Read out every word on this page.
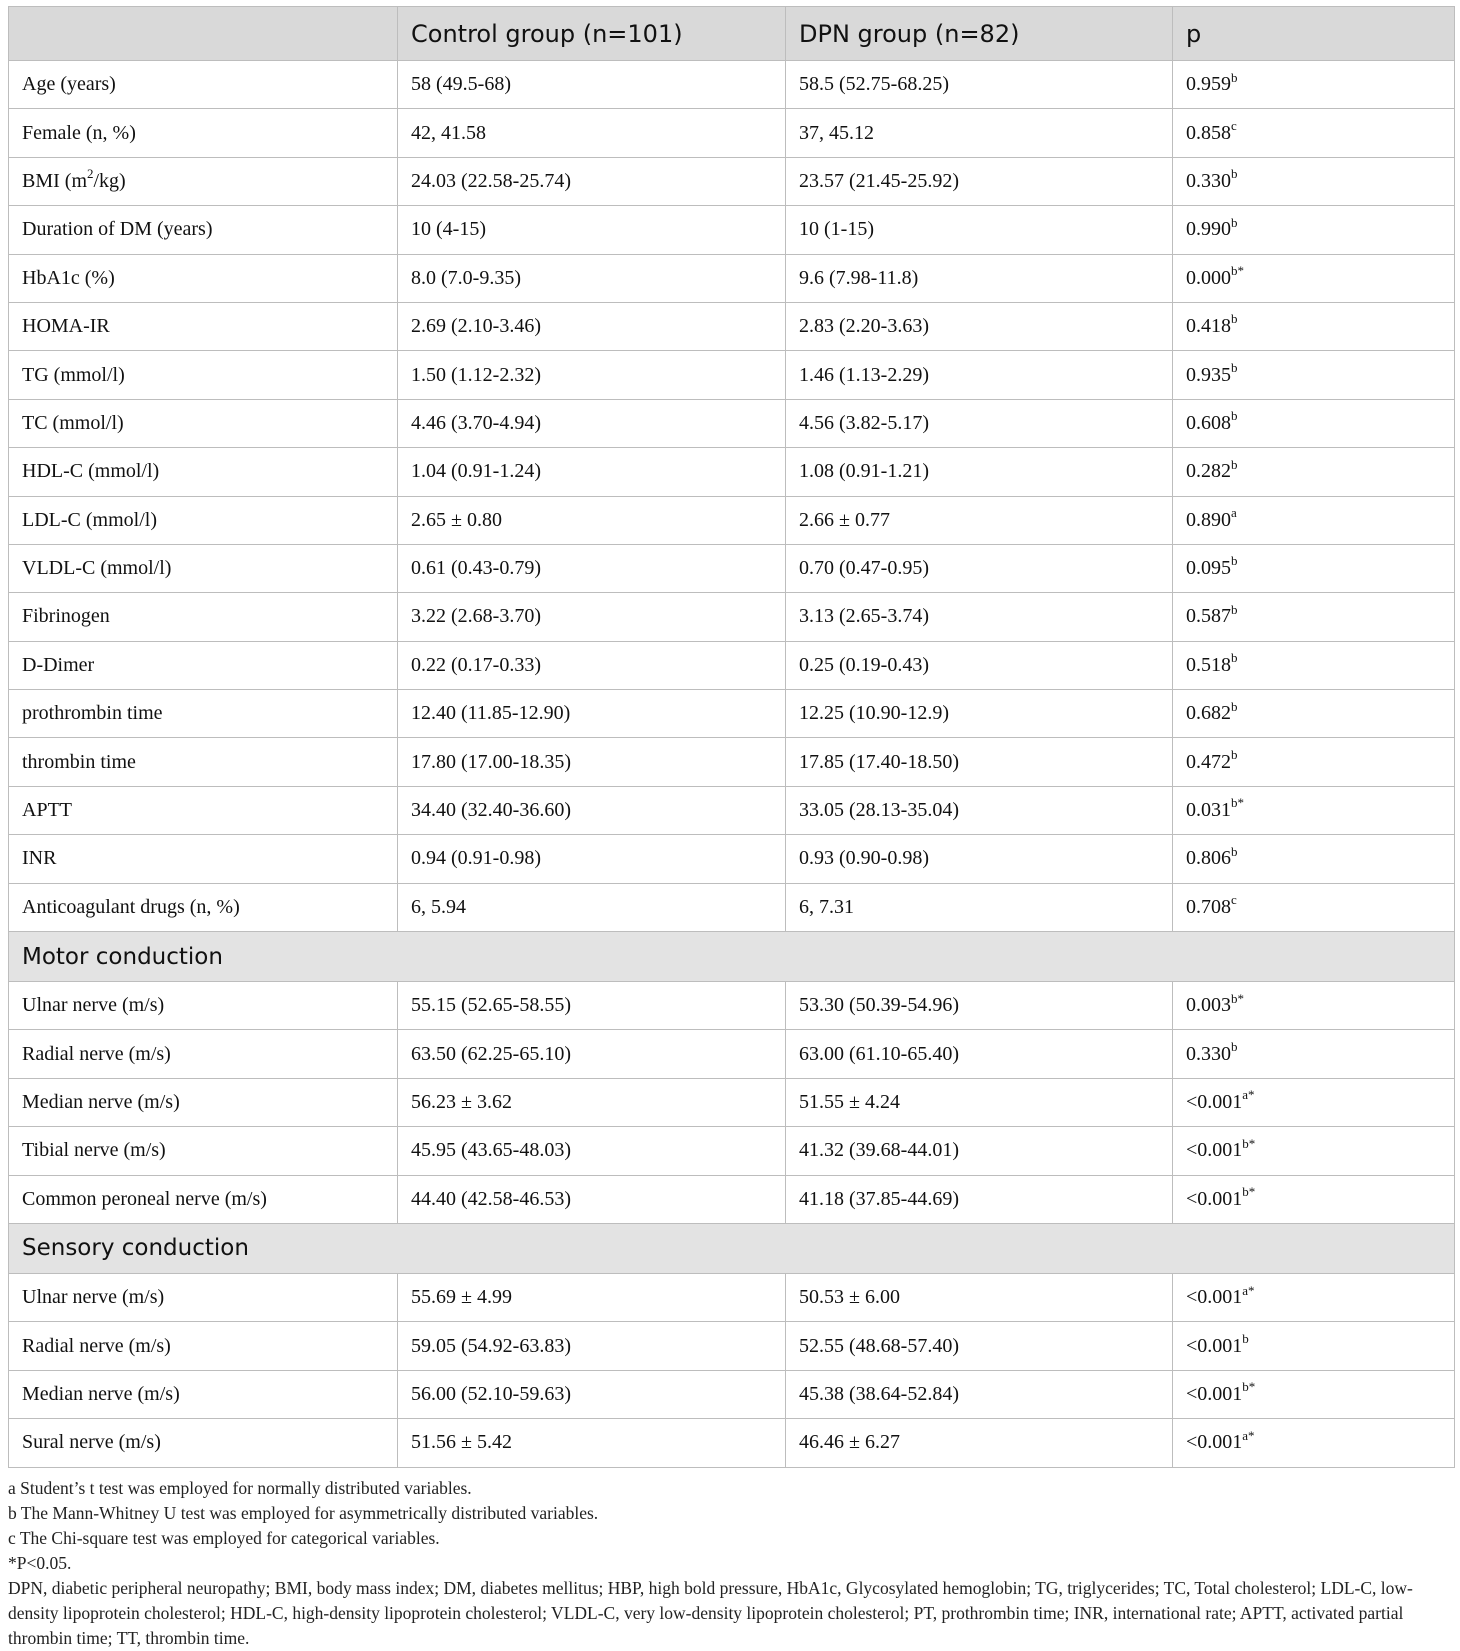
	Control group (n=101)	DPN group (n=82)	p
Age (years)	58 (49.5-68)	58.5 (52.75-68.25)	0.959$^b$
Female (n, %)	42, 41.58	37, 45.12	0.858$^c$
BMI $(m^2/kg)$	24.03 (22.58-25.74)	23.57 (21.45-25.92)	0.330$^b$
Duration of DM (years)	10 (4-15)	10 (1-15)	0.990$^b$
HbA1c (%)	8.0 (7.0-9.35)	9.6 (7.98-11.8)	$0.000^{b*}$
HOMA-IR	2.69 (2.10-3.46)	2.83 (2.20-3.63)	0.418$^b$
TG (mmol/l)	1.50 (1.12-2.32)	1.46 (1.13-2.29)	0.935$^b$
TC (mmol/l)	4.46 (3.70-4.94)	4.56 (3.82-5.17)	0.608$^b$
HDL-C (mmol/l)	1.04 (0.91-1.24)	1.08 (0.91-1.21)	0.282$^b$
LDL-C (mmol/l)	2.65 ± 0.80	2.66 ± 0.77	0.890$^a$
VLDL-C (mmol/l)	0.61 (0.43-0.79)	0.70 (0.47-0.95)	0.095$^b$
Fibrinogen	3.22 (2.68-3.70)	3.13 (2.65-3.74)	0.587$^b$
D-Dimer	0.22 (0.17-0.33)	0.25 (0.19-0.43)	0.518$^b$
prothrombin time	12.40 (11.85-12.90)	12.25 (10.90-12.9)	0.682$^b$
thrombin time	17.80 (17.00-18.35)	17.85 (17.40-18.50)	0.472$^b$
APTT	34.40 (32.40-36.60)	33.05 (28.13-35.04)	$0.031^{b*}$
INR	0.94 (0.91-0.98)	0.93 (0.90-0.98)	0.806$^b$
Anticoagulant drugs (n, %)	6, 5.94	6, 7.31	0.708$^c$
Motor conduction			
Ulnar nerve (m/s)	55.15 (52.65-58.55)	53.30 (50.39-54.96)	$0.003^{b*}$
Radial nerve (m/s)	63.50 (62.25-65.10)	63.00 (61.10-65.40)	0.330$^b$
Median nerve (m/s)	56.23 ± 3.62	51.55 ± 4.24	$<0.001^{a*}$
Tibial nerve (m/s)	45.95 (43.65-48.03)	41.32 (39.68-44.01)	$<0.001^{b*}$
Common peroneal nerve (m/s)	44.40 (42.58-46.53)	41.18 (37.85-44.69)	$<0.001^{b*}$
Sensory conduction			
Ulnar nerve (m/s)	55.69 ± 4.99	50.53 ± 6.00	$<0.001^{a*}$
Radial nerve (m/s)	59.05 (54.92-63.83)	52.55 (48.68-57.40)	<0.001$^b$
Median nerve (m/s)	56.00 (52.10-59.63)	45.38 (38.64-52.84)	$<0.001^{b*}$
Sural nerve (m/s)	51.56 ± 5.42	46.46 ± 6.27	$<0.001^{a*}$

a Student’s t test was employed for normally distributed variables.

b The Mann-Whitney U test was employed for asymmetrically distributed variables.

c The Chi-square test was employed for categorical variables.

*P<0.05.

DPN, diabetic peripheral neuropathy; BMI, body mass index; DM, diabetes mellitus; HBP, high bold pressure, HbA1c, Glycosylated hemoglobin; TG, triglycerides; TC, Total cholesterol; LDL-C, low-density lipoprotein cholesterol; HDL-C, high-density lipoprotein cholesterol; VLDL-C, very low-density lipoprotein cholesterol; PT, prothrombin time; INR, international rate; APTT, activated partial thrombin time; TT, thrombin time.
